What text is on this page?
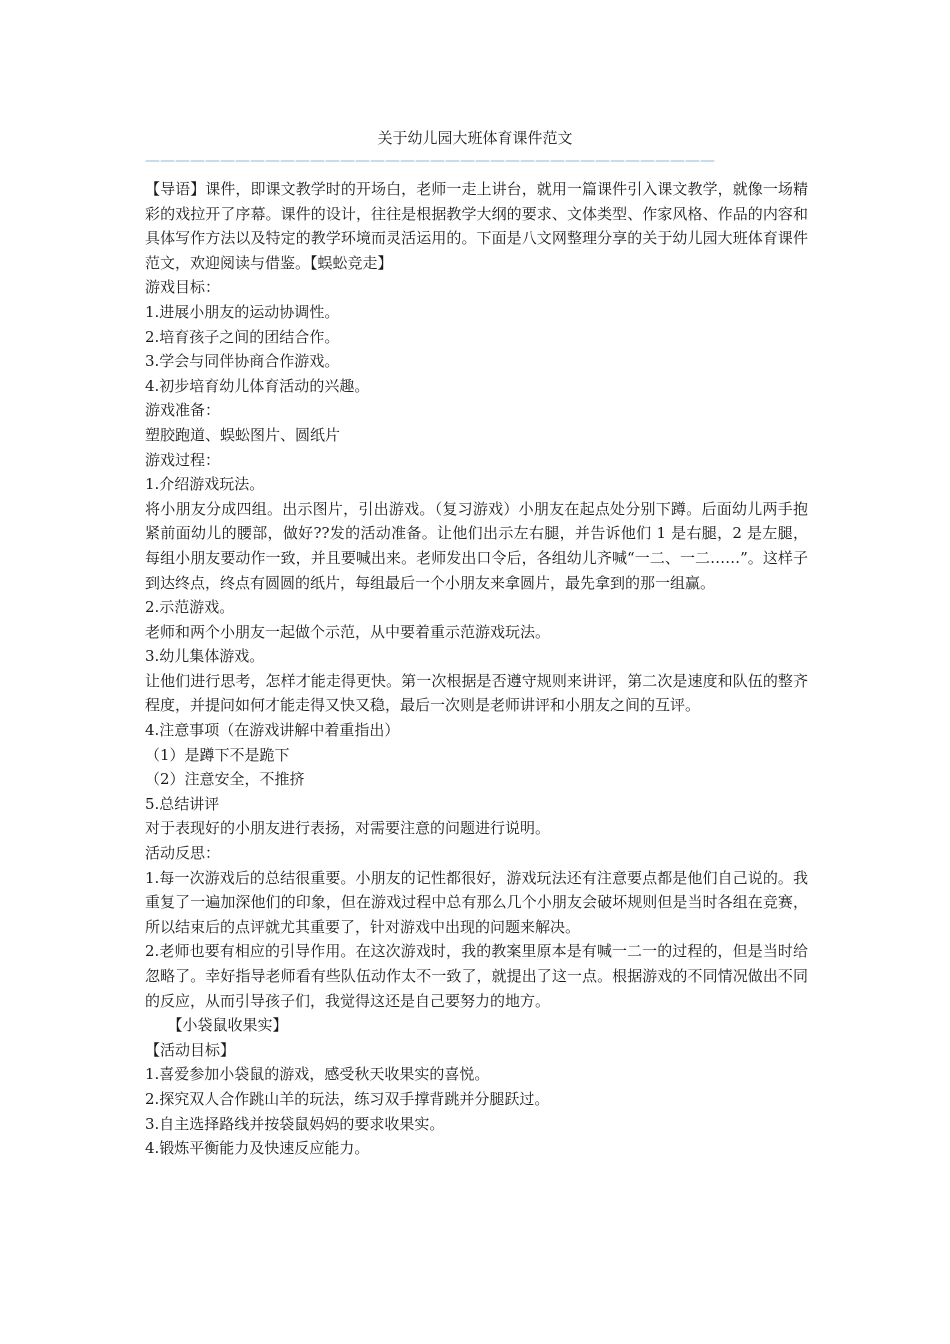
关于幼儿园大班体育课件范文
——————————————————————————————————————

【导语】课件，即课文教学时的开场白，老师一走上讲台，就用一篇课件引入课文教学，就像一场精彩的戏拉开了序幕。课件的设计，往往是根据教学大纲的要求、文体类型、作家风格、作品的内容和具体写作方法以及特定的教学环境而灵活运用的。下面是八文网整理分享的关于幼儿园大班体育课件范文，欢迎阅读与借鉴。【蜈蚣竞走】

游戏目标：

1.进展小朋友的运动协调性。

2.培育孩子之间的团结合作。

3.学会与同伴协商合作游戏。

4.初步培育幼儿体育活动的兴趣。

游戏准备：

塑胶跑道、蜈蚣图片、圆纸片

游戏过程：

1.介绍游戏玩法。

将小朋友分成四组。出示图片，引出游戏。（复习游戏）小朋友在起点处分别下蹲。后面幼儿两手抱紧前面幼儿的腰部，做好??发的活动准备。让他们出示左右腿，并告诉他们 1 是右腿，2 是左腿，每组小朋友要动作一致，并且要喊出来。老师发出口令后，各组幼儿齐喊“一二、一二……”。这样子到达终点，终点有圆圆的纸片，每组最后一个小朋友来拿圆片，最先拿到的那一组赢。

2.示范游戏。

老师和两个小朋友一起做个示范，从中要着重示范游戏玩法。

3.幼儿集体游戏。

让他们进行思考，怎样才能走得更快。第一次根据是否遵守规则来讲评，第二次是速度和队伍的整齐程度，并提问如何才能走得又快又稳，最后一次则是老师讲评和小朋友之间的互评。

4.注意事项（在游戏讲解中着重指出）

（1）是蹲下不是跪下

（2）注意安全，不推挤

5.总结讲评

对于表现好的小朋友进行表扬，对需要注意的问题进行说明。

活动反思：

1.每一次游戏后的总结很重要。小朋友的记性都很好，游戏玩法还有注意要点都是他们自己说的。我重复了一遍加深他们的印象，但在游戏过程中总有那么几个小朋友会破坏规则但是当时各组在竞赛，所以结束后的点评就尤其重要了，针对游戏中出现的问题来解决。

2.老师也要有相应的引导作用。在这次游戏时，我的教案里原本是有喊一二一的过程的，但是当时给忽略了。幸好指导老师看有些队伍动作太不一致了，就提出了这一点。根据游戏的不同情况做出不同的反应，从而引导孩子们，我觉得这还是自己要努力的地方。

　　【小袋鼠收果实】

【活动目标】

1.喜爱参加小袋鼠的游戏，感受秋天收果实的喜悦。

2.探究双人合作跳山羊的玩法，练习双手撑背跳并分腿跃过。

3.自主选择路线并按袋鼠妈妈的要求收果实。

4.锻炼平衡能力及快速反应能力。
